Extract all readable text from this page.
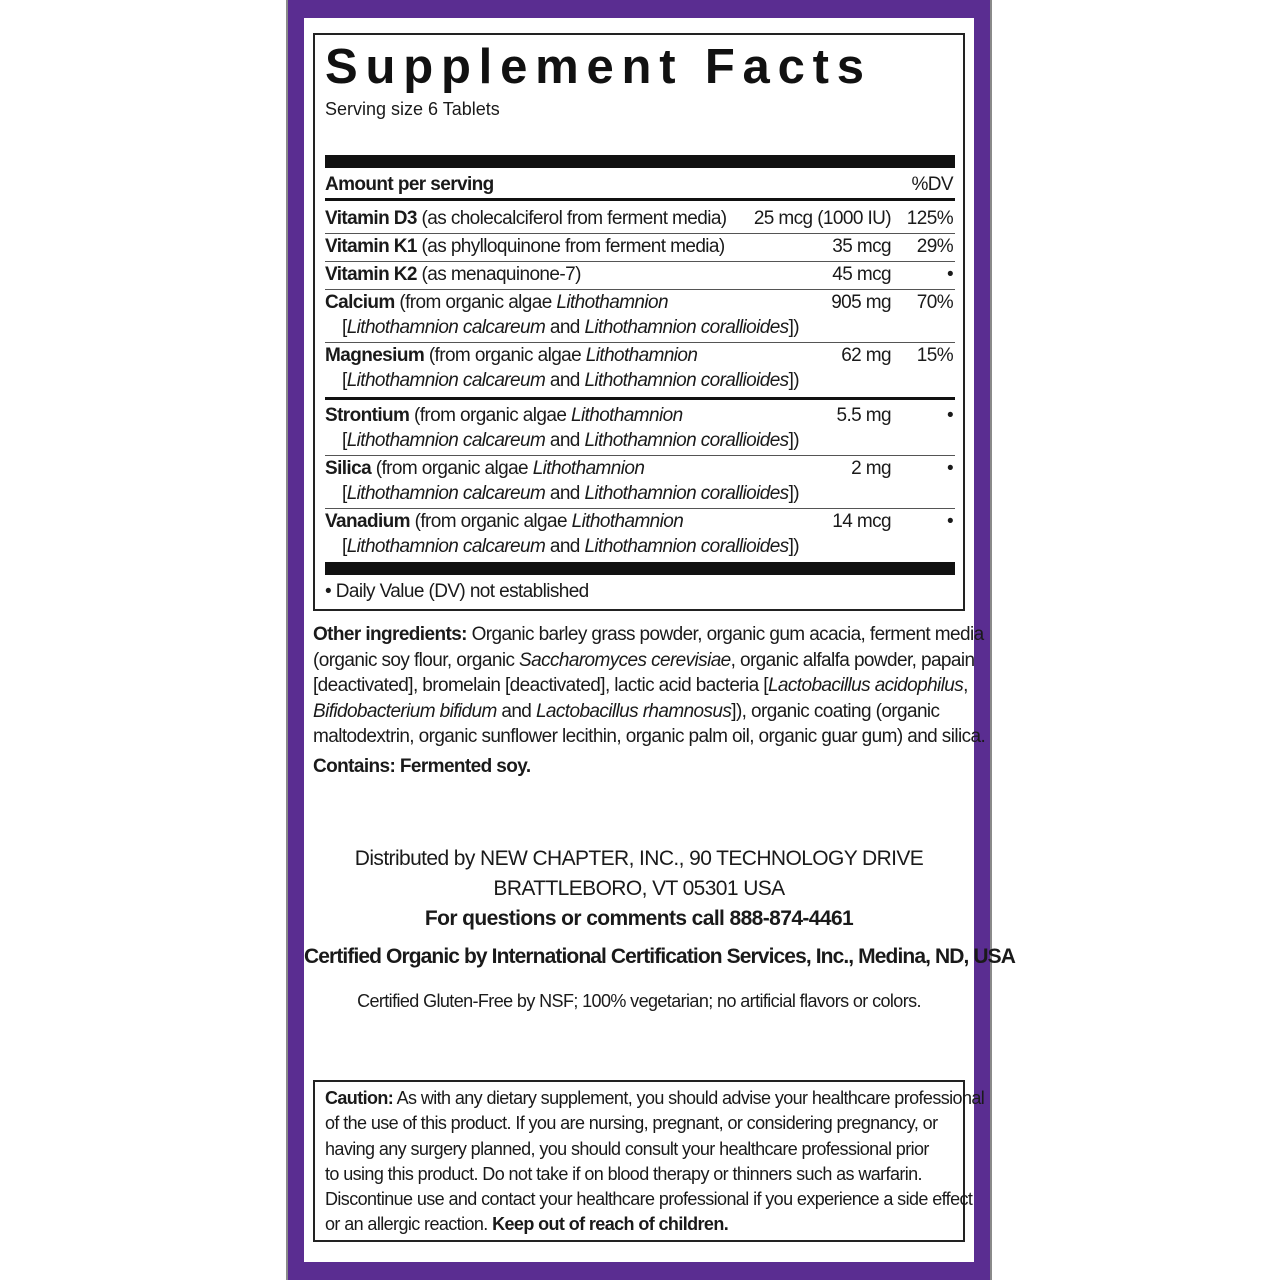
Supplement Facts
Serving size 6 Tablets
Amount per serving	%DV
Vitamin D3 (as cholecalciferol from ferment media) 25 mcg (1000 IU) 125%
Vitamin K1 (as phylloquinone from ferment media)	35 mcg 29%
Vitamin K2 (as menaquinone-7)	45 mcg	•
Calcium (from organic algae Lithothamnion
[Lithothamnion calcareum and Lithothamnion corallioides])
905 mg 70%
Magnesium (from organic algae Lithothamnion
[Lithothamnion calcareum and Lithothamnion corallioides])
62 mg 15%
Strontium (from organic algae Lithothamnion
[Lithothamnion calcareum and Lithothamnion corallioides])
5.5 mg	•
Silica (from organic algae Lithothamnion
[Lithothamnion calcareum and Lithothamnion corallioides])
2 mg	•
Vanadium (from organic algae Lithothamnion
[Lithothamnion calcareum and Lithothamnion corallioides])
14 mcg	•
• Daily Value (DV) not established
Other ingredients: Organic barley grass powder, organic gum acacia, ferment media
(organic soy flour, organic Saccharomyces cerevisiae, organic alfalfa powder, papain
[deactivated], bromelain [deactivated], lactic acid bacteria [Lactobacillus acidophilus,
Bifidobacterium bifidum and Lactobacillus rhamnosus]), organic coating (organic
maltodextrin, organic sunflower lecithin, organic palm oil, organic guar gum) and silica.
Contains: Fermented soy.
Distributed by NEW CHAPTER, INC., 90 TECHNOLOGY DRIVE
BRATTLEBORO, VT 05301 USA
For questions or comments call 888-874-4461
Certified Organic by International Certification Services, Inc., Medina, ND, USA
Certified Gluten-Free by NSF; 100% vegetarian; no artificial flavors or colors.
Caution: As with any dietary supplement, you should advise your healthcare professional
of the use of this product. If you are nursing, pregnant, or considering pregnancy, or
having any surgery planned, you should consult your healthcare professional prior
to using this product. Do not take if on blood therapy or thinners such as warfarin.
Discontinue use and contact your healthcare professional if you experience a side effect
or an allergic reaction. Keep out of reach of children.
